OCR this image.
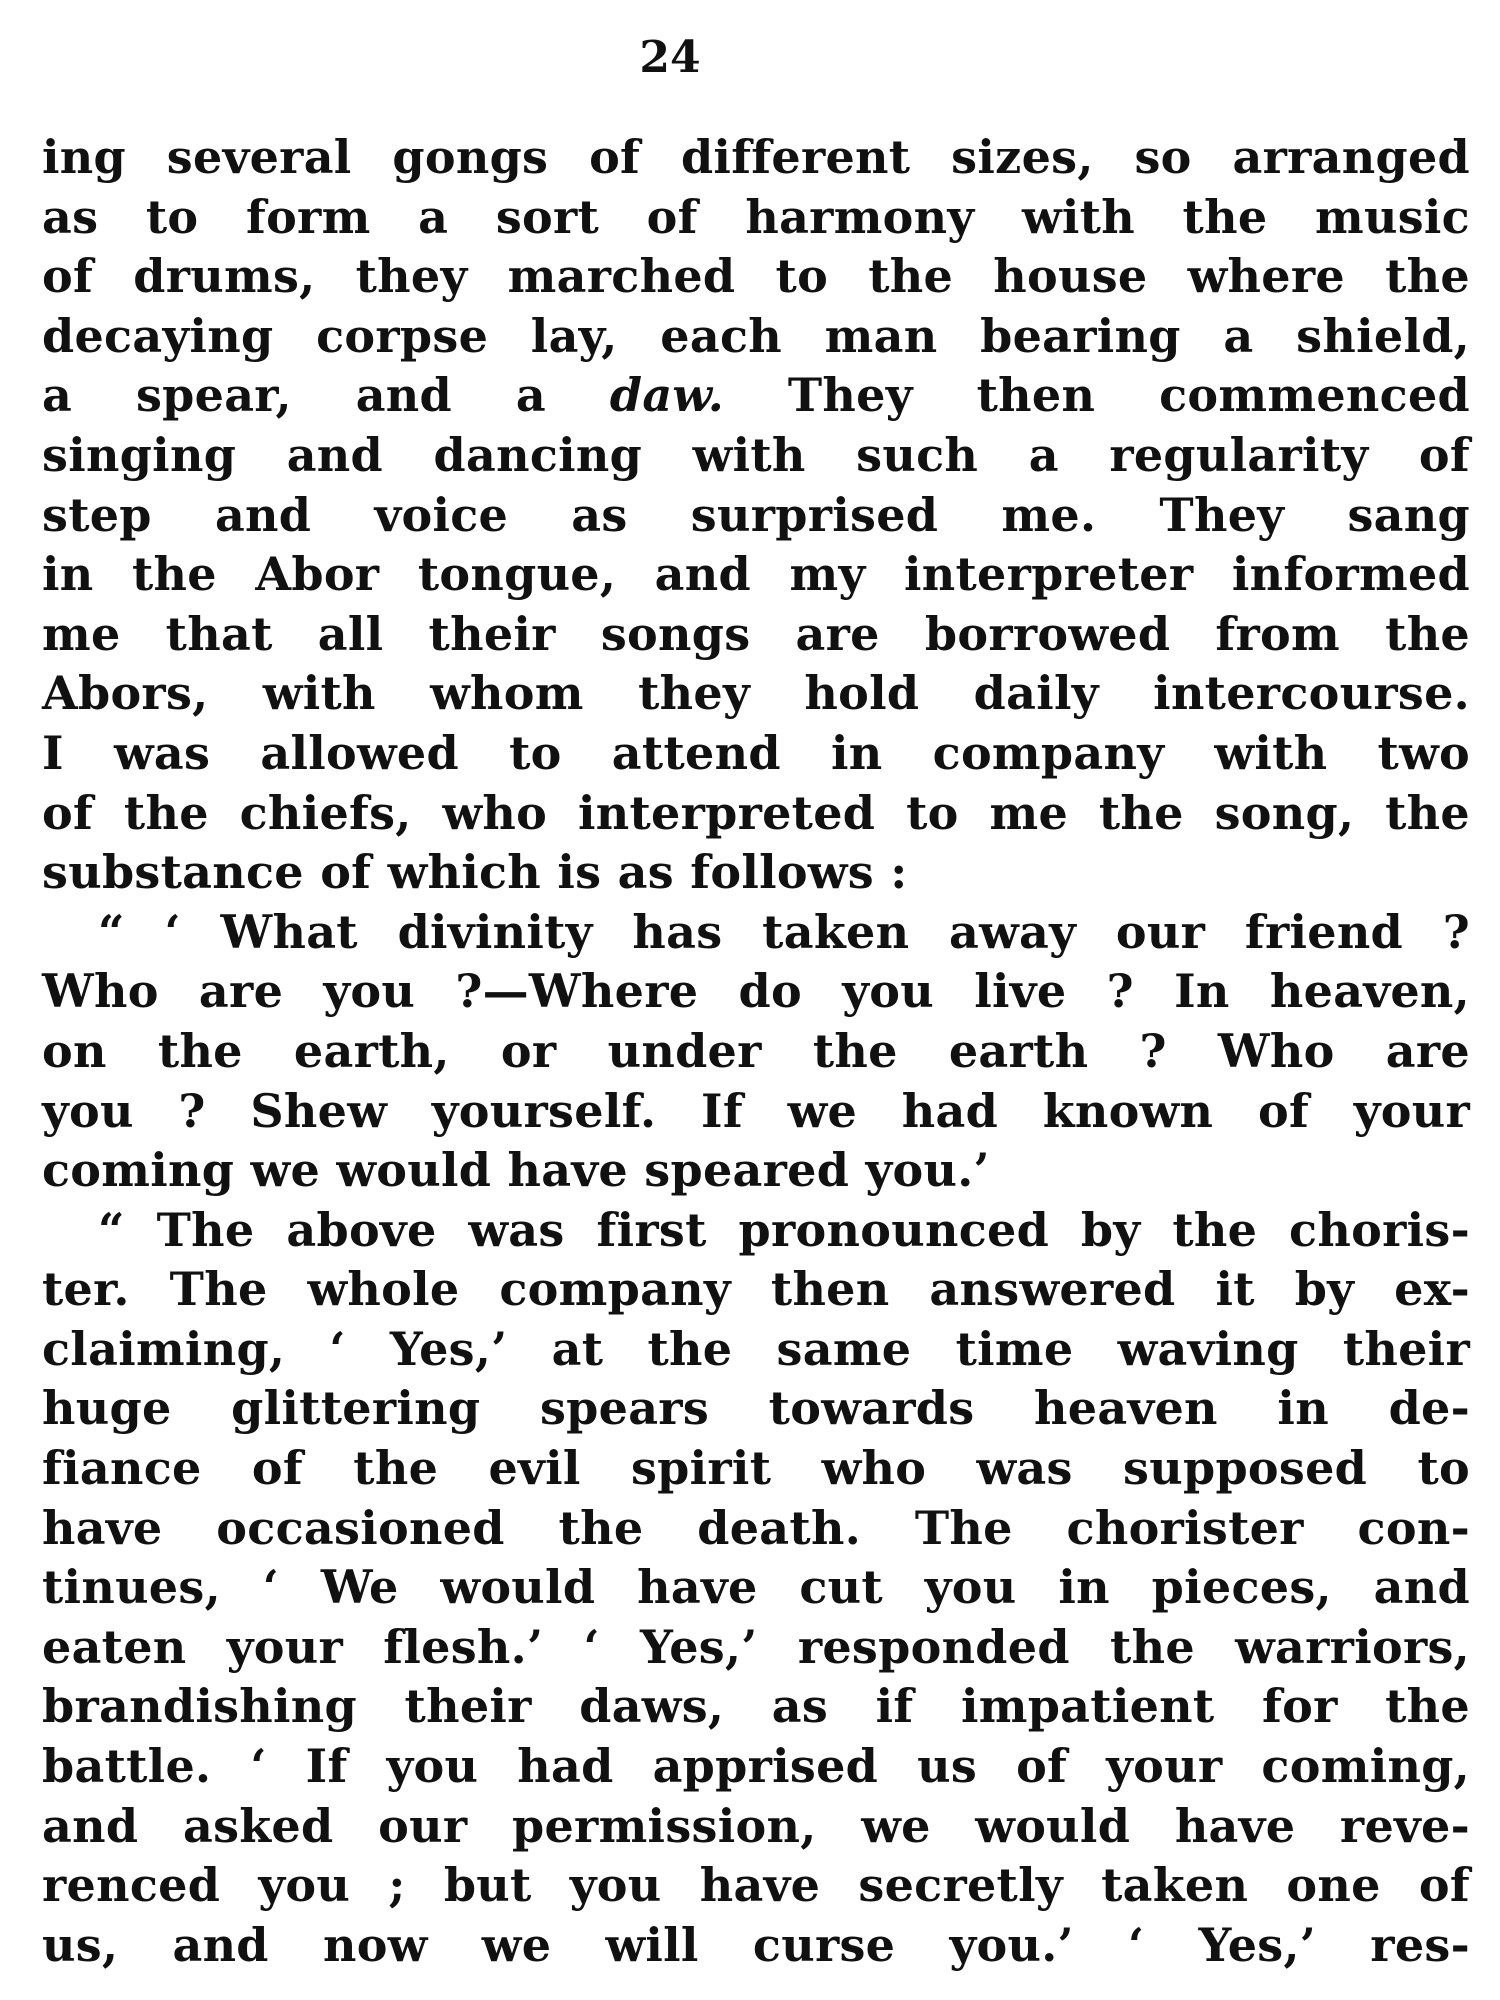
24
ing several gongs of different sizes, so arranged
as to form a sort of harmony with the music
of drums, they marched to the house where the
decaying corpse lay, each man bearing a shield,
a spear, and a daw. They then commenced
singing and dancing with such a regularity of
step and voice as surprised me. They sang
in the Abor tongue, and my interpreter informed
me that all their songs are borrowed from the
Abors, with whom they hold daily intercourse.
I was allowed to attend in company with two
of the chiefs, who interpreted to me the song, the
substance of which is as follows :
“ ‘ What divinity has taken away our friend ?
Who are you ?—Where do you live ? In heaven,
on the earth, or under the earth ? Who are
you ? Shew yourself. If we had known of your
coming we would have speared you.’
“ The above was first pronounced by the choris-
ter. The whole company then answered it by ex-
claiming, ‘ Yes,’ at the same time waving their
huge glittering spears towards heaven in de-
fiance of the evil spirit who was supposed to
have occasioned the death. The chorister con-
tinues, ‘ We would have cut you in pieces, and
eaten your flesh.’ ‘ Yes,’ responded the warriors,
brandishing their daws, as if impatient for the
battle. ‘ If you had apprised us of your coming,
and asked our permission, we would have reve-
renced you ; but you have secretly taken one of
us, and now we will curse you.’ ‘ Yes,’ res-
